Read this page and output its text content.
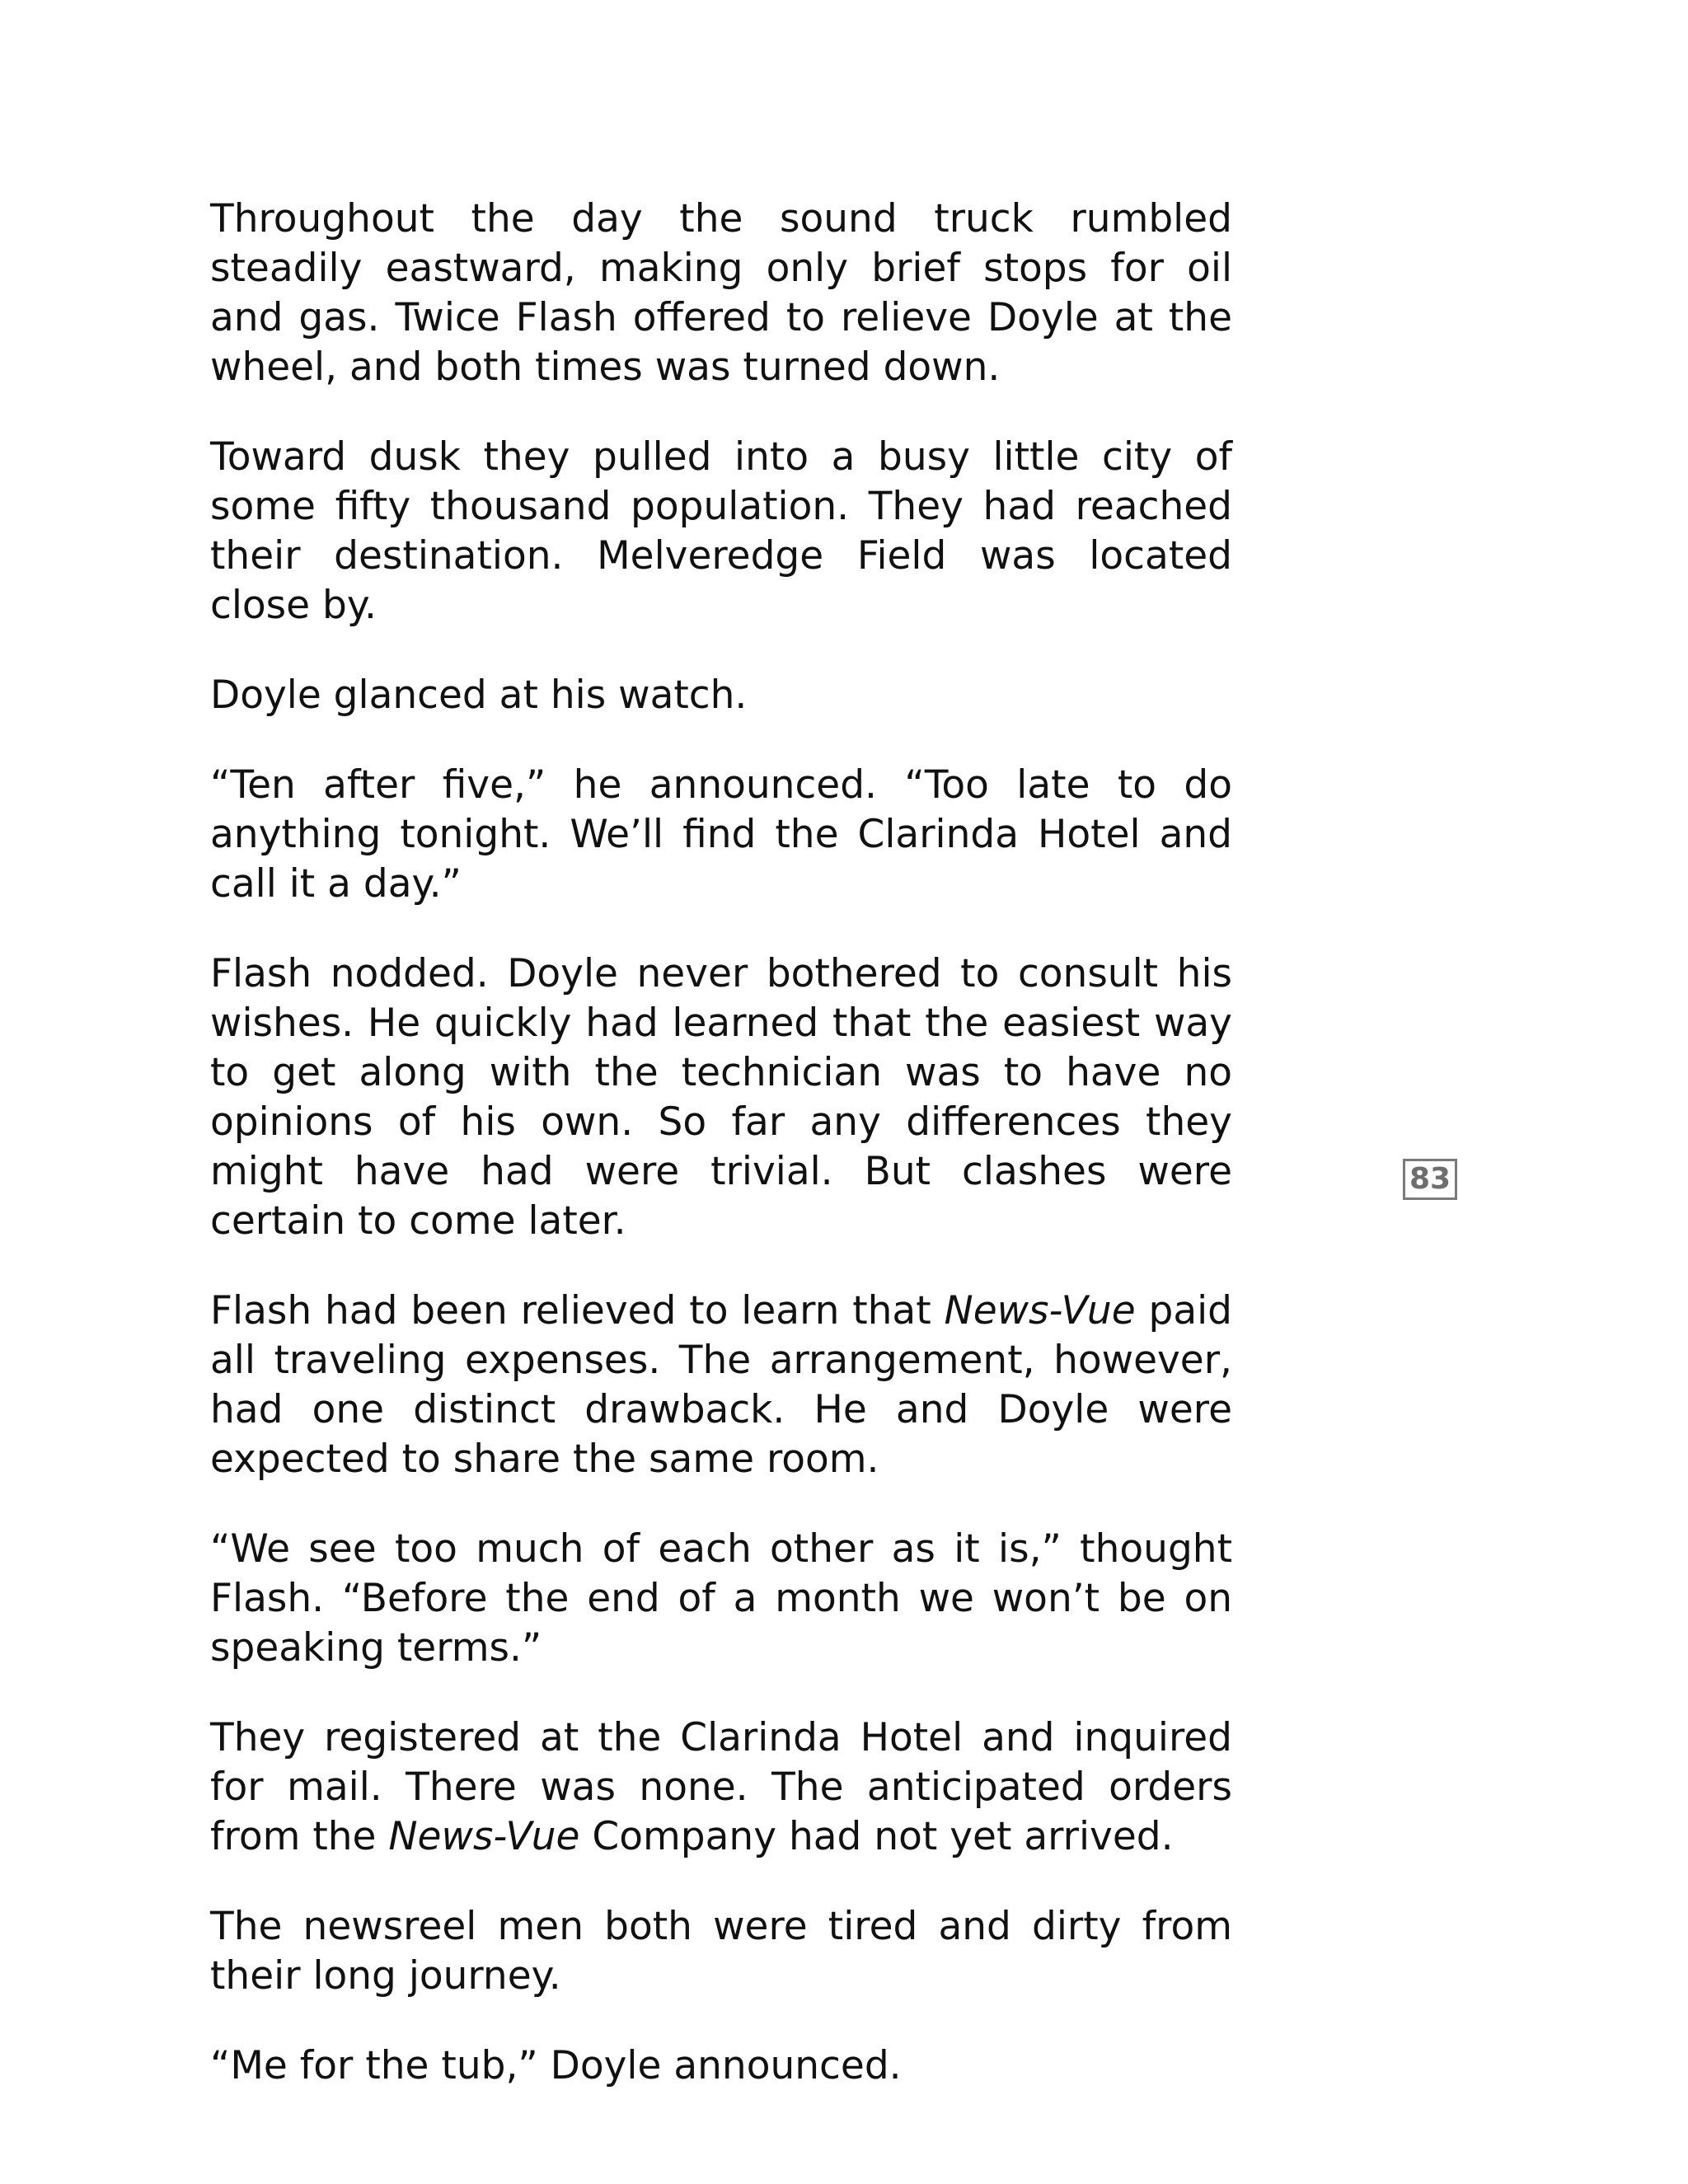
Throughout the day the sound truck rumbled steadily eastward, making only brief stops for oil and gas. Twice Flash offered to relieve Doyle at the wheel, and both times was turned down.

Toward dusk they pulled into a busy little city of some fifty thousand population. They had reached their destination. Melveredge Field was located close by.

Doyle glanced at his watch.

“Ten after five,” he announced. “Too late to do anything tonight. We’ll find the Clarinda Hotel and call it a day.”

Flash nodded. Doyle never bothered to consult his wishes. He quickly had learned that the easiest way to get along with the technician was to have no opinions of his own. So far any differences they might have had were trivial. But clashes were certain to come later.

Flash had been relieved to learn that News-Vue paid all traveling expenses. The arrangement, however, had one distinct drawback. He and Doyle were expected to share the same room.

“We see too much of each other as it is,” thought Flash. “Before the end of a month we won’t be on speaking terms.”

They registered at the Clarinda Hotel and inquired for mail. There was none. The anticipated orders from the News-Vue Company had not yet arrived.

The newsreel men both were tired and dirty from their long journey.

“Me for the tub,” Doyle announced.

83
